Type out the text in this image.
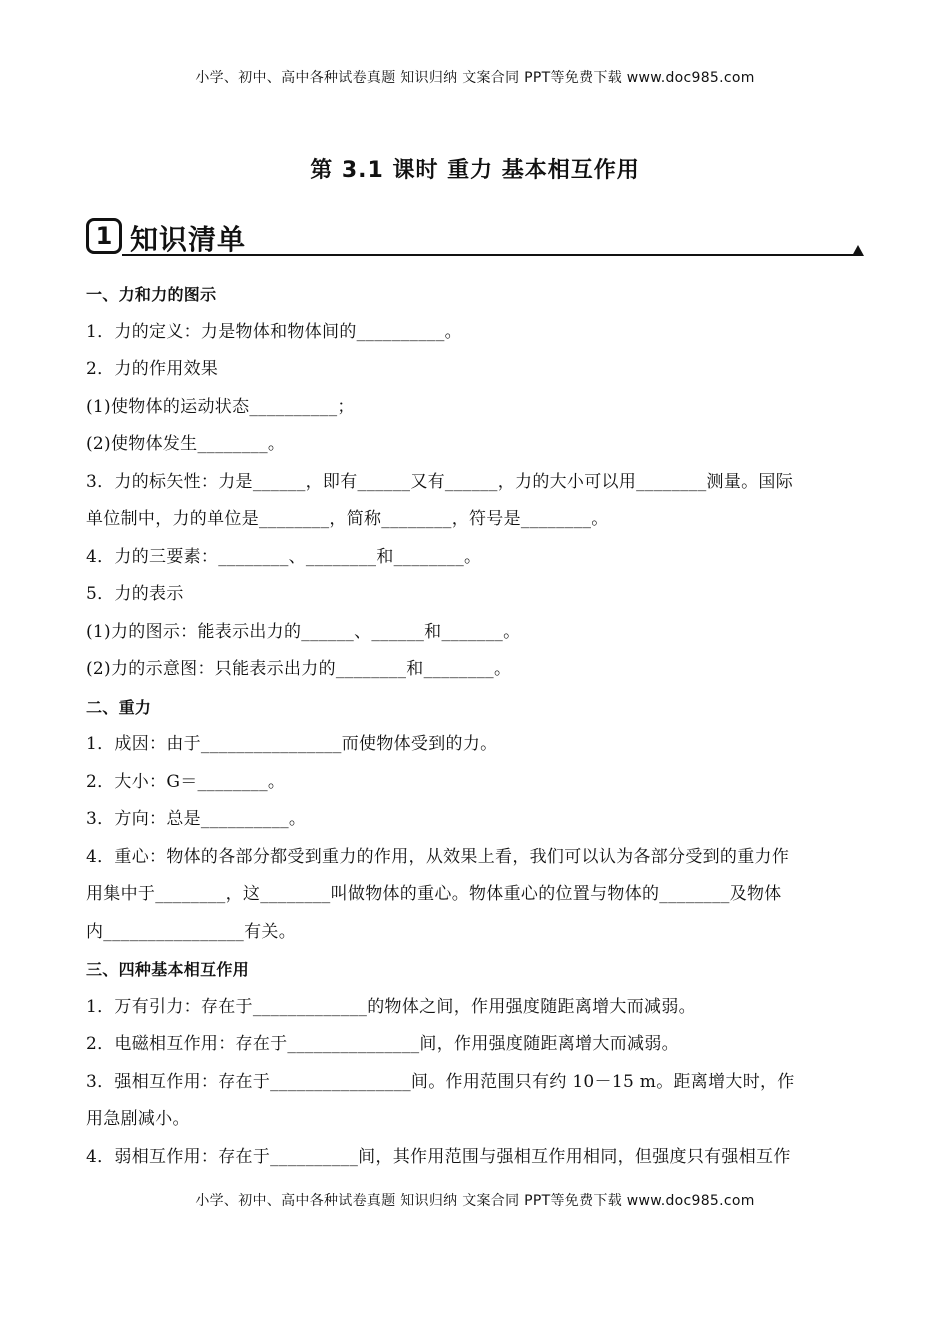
小学、初中、高中各种试卷真题 知识归纳 文案合同 PPT等免费下载 www.doc985.com
第 3.1 课时 重力 基本相互作用
1 知识清单
一、力和力的图示
1．力的定义：力是物体和物体间的__________。
2．力的作用效果
(1)使物体的运动状态__________；
(2)使物体发生________。
3．力的标矢性：力是______，即有______又有______，力的大小可以用________测量。国际
单位制中，力的单位是________，简称________，符号是________。
4．力的三要素：________、________和________。
5．力的表示
(1)力的图示：能表示出力的______、______和_______。
(2)力的示意图：只能表示出力的________和________。
二、重力
1．成因：由于________________而使物体受到的力。
2．大小：G＝________。
3．方向：总是__________。
4．重心：物体的各部分都受到重力的作用，从效果上看，我们可以认为各部分受到的重力作
用集中于________，这________叫做物体的重心。物体重心的位置与物体的________及物体
内________________有关。
三、四种基本相互作用
1．万有引力：存在于_____________的物体之间，作用强度随距离增大而减弱。
2．电磁相互作用：存在于_______________间，作用强度随距离增大而减弱。
3．强相互作用：存在于________________间。作用范围只有约 10－15 m。距离增大时，作
用急剧减小。
4．弱相互作用：存在于__________间，其作用范围与强相互作用相同，但强度只有强相互作
小学、初中、高中各种试卷真题 知识归纳 文案合同 PPT等免费下载 www.doc985.com
